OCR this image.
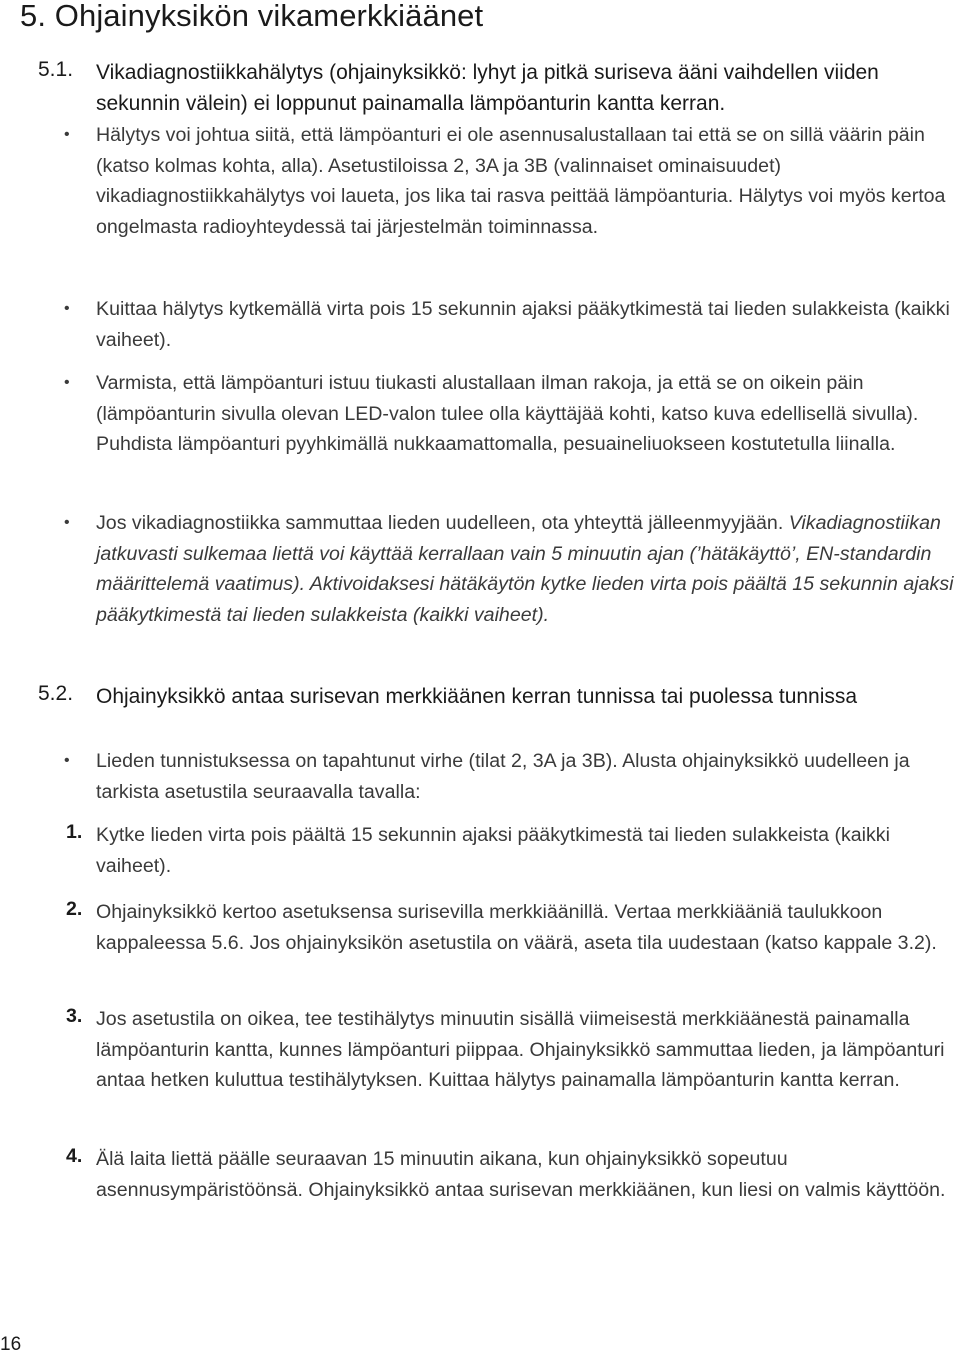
5. Ohjainyksikön vikamerkkiäänet
5.1. Vikadiagnostiikkahälytys (ohjainyksikkö: lyhyt ja pitkä suriseva ääni vaihdellen viiden sekunnin välein) ei loppunut painamalla lämpöanturin kantta kerran.
• Hälytys voi johtua siitä, että lämpöanturi ei ole asennusalustallaan tai että se on sillä väärin päin (katso kolmas kohta, alla). Asetustiloissa 2, 3A ja 3B (valinnaiset ominaisuudet) vikadiagnostiikkahälytys voi laueta, jos lika tai rasva peittää lämpöanturia. Hälytys voi myös kertoa ongelmasta radioyhteydessä tai järjestelmän toiminnassa.
• Kuittaa hälytys kytkemällä virta pois 15 sekunnin ajaksi pääkytkimestä tai lieden sulakkeista (kaikki vaiheet).
• Varmista, että lämpöanturi istuu tiukasti alustallaan ilman rakoja, ja että se on oikein päin (lämpöanturin sivulla olevan LED-valon tulee olla käyttäjää kohti, katso kuva edellisellä sivulla). Puhdista lämpöanturi pyyhkimällä nukkaamattomalla, pesuaineliuokseen kostutetulla liinalla.
• Jos vikadiagnostiikka sammuttaa lieden uudelleen, ota yhteyttä jälleenmyyjään. Vikadiagnostiikan jatkuvasti sulkemaa liettä voi käyttää kerrallaan vain 5 minuutin ajan (’hätäkäyttö’, EN-standardin määrittelemä vaatimus). Aktivoidaksesi hätäkäytön kytke lieden virta pois päältä 15 sekunnin ajaksi pääkytkimestä tai lieden sulakkeista (kaikki vaiheet).
5.2. Ohjainyksikkö antaa surisevan merkkiäänen kerran tunnissa tai puolessa tunnissa
• Lieden tunnistuksessa on tapahtunut virhe (tilat 2, 3A ja 3B). Alusta ohjainyksikkö uudelleen ja tarkista asetustila seuraavalla tavalla:
1. Kytke lieden virta pois päältä 15 sekunnin ajaksi pääkytkimestä tai lieden sulakkeista (kaikki vaiheet).
2. Ohjainyksikkö kertoo asetuksensa surisevilla merkkiäänillä. Vertaa merkkiääniä taulukkoon kappaleessa 5.6. Jos ohjainyksikön asetustila on väärä, aseta tila uudestaan (katso kappale 3.2).
3. Jos asetustila on oikea, tee testihälytys minuutin sisällä viimeisestä merkkiäänestä painamalla lämpöanturin kantta, kunnes lämpöanturi piippaa. Ohjainyksikkö sammuttaa lieden, ja lämpöanturi antaa hetken kuluttua testihälytyksen. Kuittaa hälytys painamalla lämpöanturin kantta kerran.
4. Älä laita liettä päälle seuraavan 15 minuutin aikana, kun ohjainyksikkö sopeutuu asennusympäristöönsä. Ohjainyksikkö antaa surisevan merkkiäänen, kun liesi on valmis käyttöön.
16
